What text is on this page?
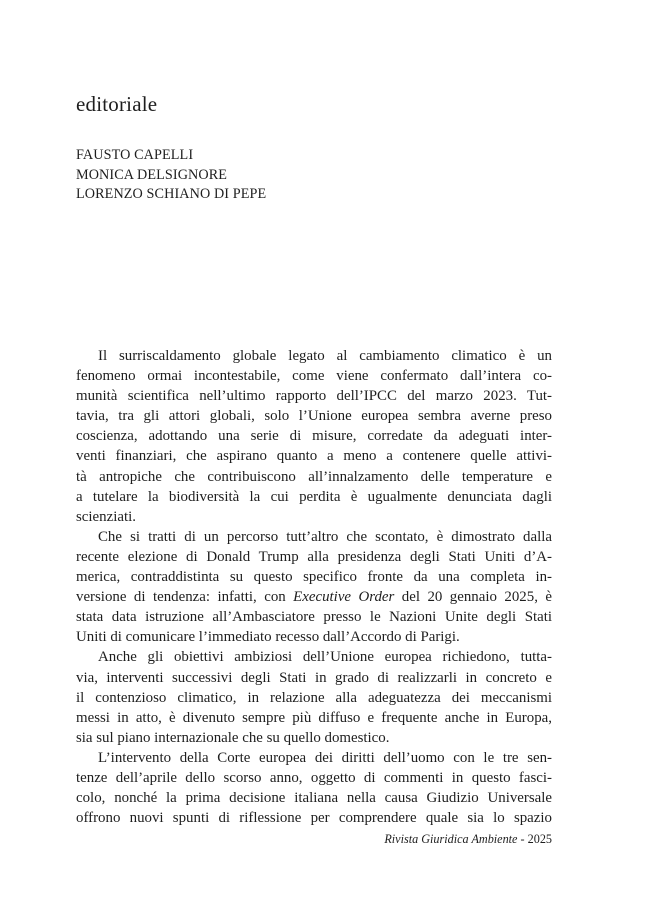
editoriale
FAUSTO CAPELLI
MONICA DELSIGNORE
LORENZO SCHIANO DI PEPE

Il surriscaldamento globale legato al cambiamento climatico è un
fenomeno ormai incontestabile, come viene confermato dall’intera co-
munità scientifica nell’ultimo rapporto dell’IPCC del marzo 2023. Tut-
tavia, tra gli attori globali, solo l’Unione europea sembra averne preso
coscienza, adottando una serie di misure, corredate da adeguati inter-
venti finanziari, che aspirano quanto a meno a contenere quelle attivi-
tà antropiche che contribuiscono all’innalzamento delle temperature e
a tutelare la biodiversità la cui perdita è ugualmente denunciata dagli
scienziati.

Che si tratti di un percorso tutt’altro che scontato, è dimostrato dalla
recente elezione di Donald Trump alla presidenza degli Stati Uniti d’A-
merica, contraddistinta su questo specifico fronte da una completa in-
versione di tendenza: infatti, con Executive Order del 20 gennaio 2025, è
stata data istruzione all’Ambasciatore presso le Nazioni Unite degli Stati
Uniti di comunicare l’immediato recesso dall’Accordo di Parigi.

Anche gli obiettivi ambiziosi dell’Unione europea richiedono, tutta-
via, interventi successivi degli Stati in grado di realizzarli in concreto e
il contenzioso climatico, in relazione alla adeguatezza dei meccanismi
messi in atto, è divenuto sempre più diffuso e frequente anche in Europa,
sia sul piano internazionale che su quello domestico.

L’intervento della Corte europea dei diritti dell’uomo con le tre sen-
tenze dell’aprile dello scorso anno, oggetto di commenti in questo fasci-
colo, nonché la prima decisione italiana nella causa Giudizio Universale
offrono nuovi spunti di riflessione per comprendere quale sia lo spazio

Rivista Giuridica Ambiente - 2025
